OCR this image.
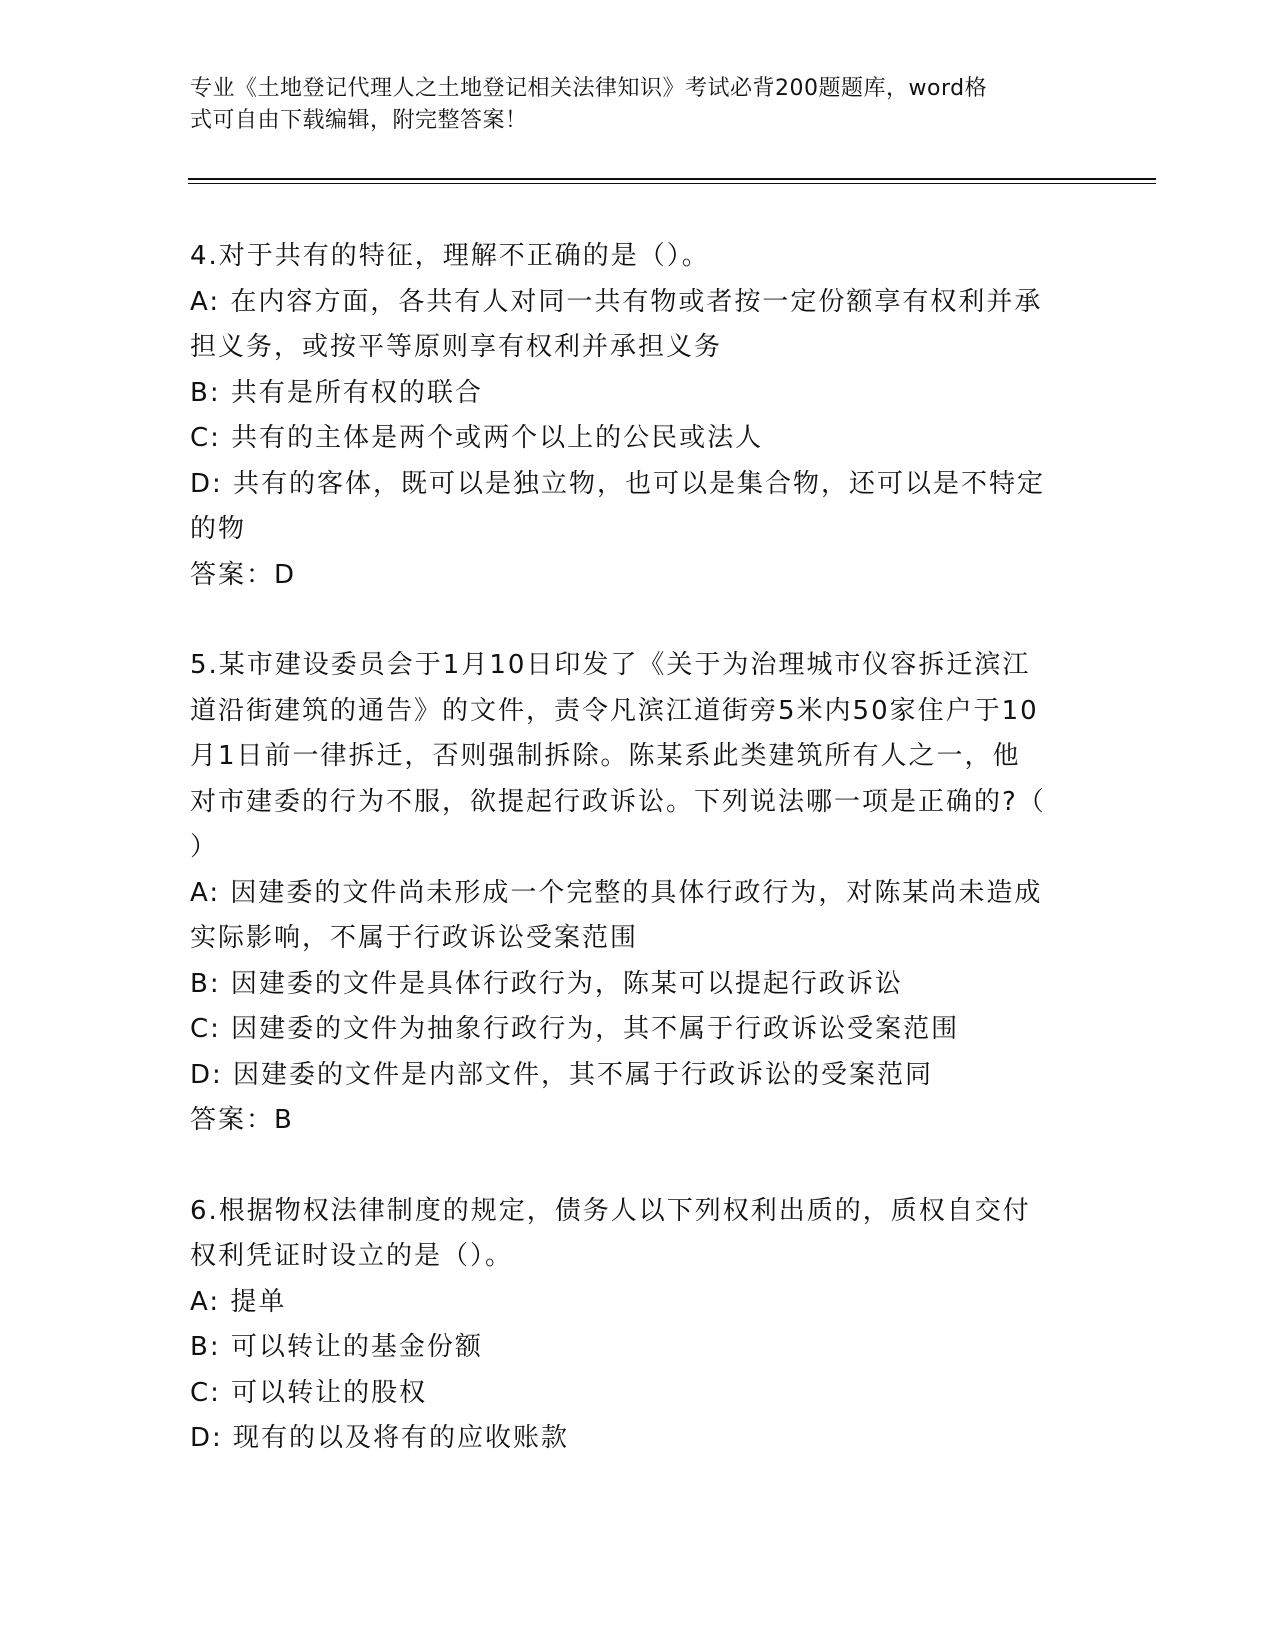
专业《土地登记代理人之土地登记相关法律知识》考试必背200题题库，word格
式可自由下载编辑，附完整答案！
4.对于共有的特征，理解不正确的是（）。
A: 在内容方面，各共有人对同一共有物或者按一定份额享有权利并承
担义务，或按平等原则享有权利并承担义务
B: 共有是所有权的联合
C: 共有的主体是两个或两个以上的公民或法人
D: 共有的客体，既可以是独立物，也可以是集合物，还可以是不特定
的物
答案：D
5.某市建设委员会于1月10日印发了《关于为治理城市仪容拆迁滨江
道沿街建筑的通告》的文件，责令凡滨江道街旁5米内50家住户于10
月1日前一律拆迁，否则强制拆除。陈某系此类建筑所有人之一，他
对市建委的行为不服，欲提起行政诉讼。下列说法哪一项是正确的?（
）
A: 因建委的文件尚未形成一个完整的具体行政行为，对陈某尚未造成
实际影响，不属于行政诉讼受案范围
B: 因建委的文件是具体行政行为，陈某可以提起行政诉讼
C: 因建委的文件为抽象行政行为，其不属于行政诉讼受案范围
D: 因建委的文件是内部文件，其不属于行政诉讼的受案范同
答案：B
6.根据物权法律制度的规定，债务人以下列权利出质的，质权自交付
权利凭证时设立的是（）。
A: 提单
B: 可以转让的基金份额
C: 可以转让的股权
D: 现有的以及将有的应收账款
